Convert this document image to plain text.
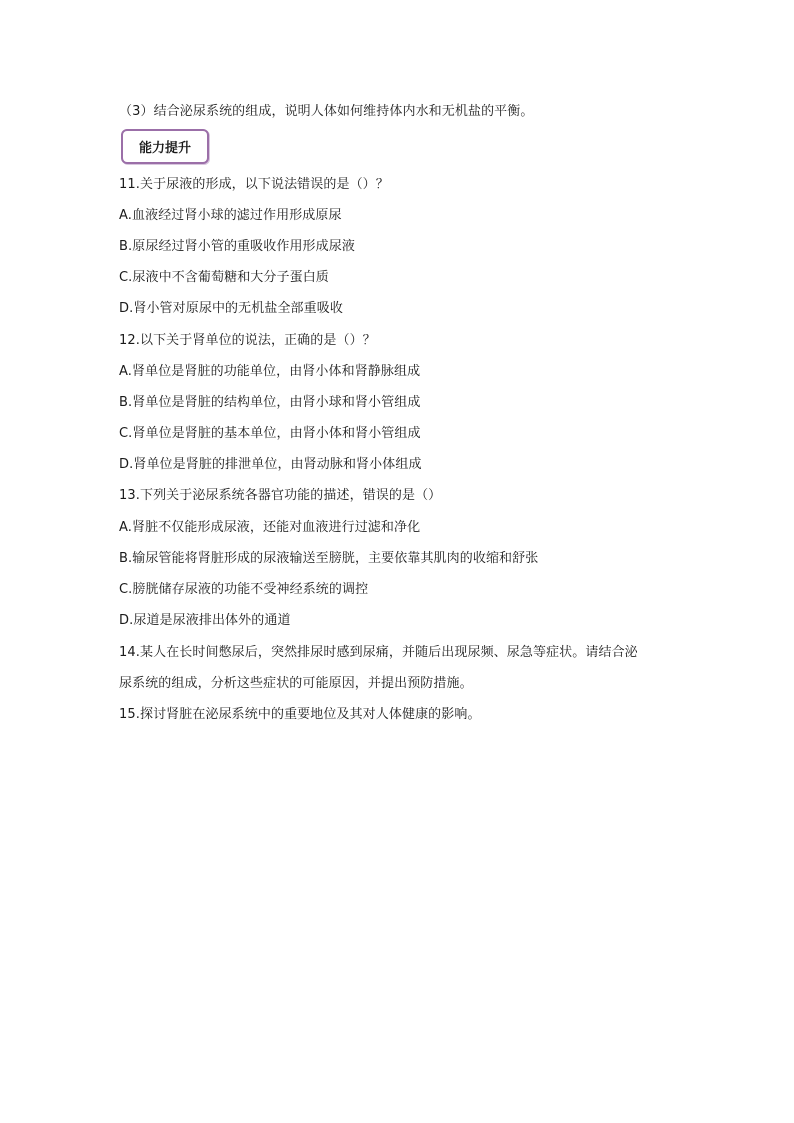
（3）结合泌尿系统的组成，说明人体如何维持体内水和无机盐的平衡。
能力提升
11.关于尿液的形成，以下说法错误的是（）？
A.血液经过肾小球的滤过作用形成原尿
B.原尿经过肾小管的重吸收作用形成尿液
C.尿液中不含葡萄糖和大分子蛋白质
D.肾小管对原尿中的无机盐全部重吸收
12.以下关于肾单位的说法，正确的是（）？
A.肾单位是肾脏的功能单位，由肾小体和肾静脉组成
B.肾单位是肾脏的结构单位，由肾小球和肾小管组成
C.肾单位是肾脏的基本单位，由肾小体和肾小管组成
D.肾单位是肾脏的排泄单位，由肾动脉和肾小体组成
13.下列关于泌尿系统各器官功能的描述，错误的是（）
A.肾脏不仅能形成尿液，还能对血液进行过滤和净化
B.输尿管能将肾脏形成的尿液输送至膀胱，主要依靠其肌肉的收缩和舒张
C.膀胱储存尿液的功能不受神经系统的调控
D.尿道是尿液排出体外的通道
14.某人在长时间憋尿后，突然排尿时感到尿痛，并随后出现尿频、尿急等症状。请结合泌
尿系统的组成，分析这些症状的可能原因，并提出预防措施。
15.探讨肾脏在泌尿系统中的重要地位及其对人体健康的影响。
